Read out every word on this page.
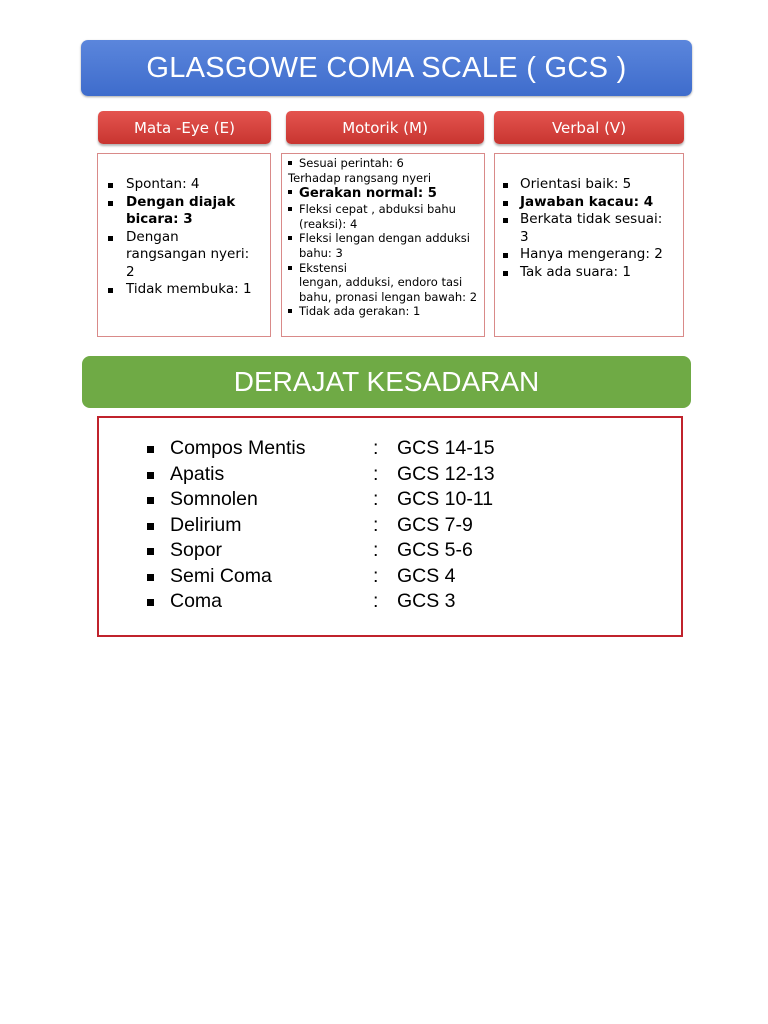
GLASGOWE COMA SCALE ( GCS )
Mata -Eye (E)	Motorik (M)	Verbal (V)
Spontan: 4
Dengan diajak bicara: 3
Dengan rangsangan nyeri: 2
Tidak membuka: 1
Sesuai perintah: 6
Terhadap rangsang nyeri
Gerakan normal: 5
Fleksi cepat , abduksi bahu (reaksi): 4
Fleksi lengan dengan adduksi bahu: 3
Ekstensi
lengan, adduksi, endoro tasi bahu, pronasi lengan bawah: 2
Tidak ada gerakan: 1
Orientasi baik: 5
Jawaban kacau: 4
Berkata tidak sesuai: 3
Hanya mengerang: 2
Tak ada suara: 1
DERAJAT KESADARAN
Compos Mentis	: GCS 14-15
Apatis	: GCS 12-13
Somnolen	: GCS 10-11
Delirium	: GCS 7-9
Sopor	: GCS 5-6
Semi Coma	: GCS 4
Coma	: GCS 3
